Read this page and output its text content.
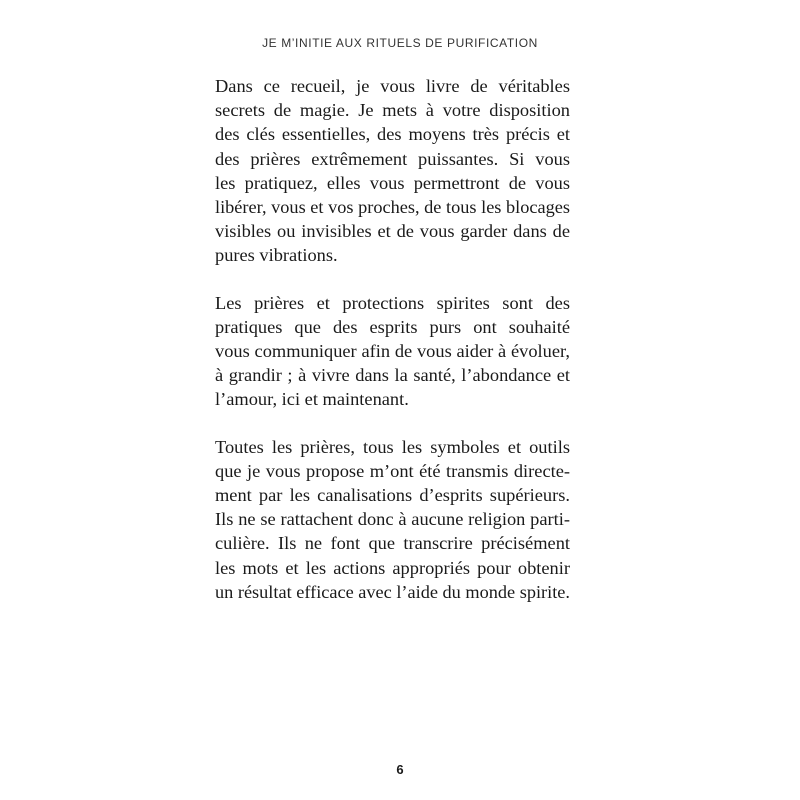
JE M’INITIE AUX RITUELS DE PURIFICATION
Dans ce recueil, je vous livre de véritables
secrets de magie. Je mets à votre disposition
des clés essentielles, des moyens très précis et
des prières extrêmement puissantes. Si vous
les pratiquez, elles vous permettront de vous
libérer, vous et vos proches, de tous les blocages
visibles ou invisibles et de vous garder dans de
pures vibrations.
Les prières et protections spirites sont des
pratiques que des esprits purs ont souhaité
vous communiquer afin de vous aider à évoluer,
à grandir ; à vivre dans la santé, l’abondance et
l’amour, ici et maintenant.
Toutes les prières, tous les symboles et outils
que je vous propose m’ont été transmis directe-
ment par les canalisations d’esprits supérieurs.
Ils ne se rattachent donc à aucune religion parti-
culière. Ils ne font que transcrire précisément
les mots et les actions appropriés pour obtenir
un résultat efficace avec l’aide du monde spirite.
6
